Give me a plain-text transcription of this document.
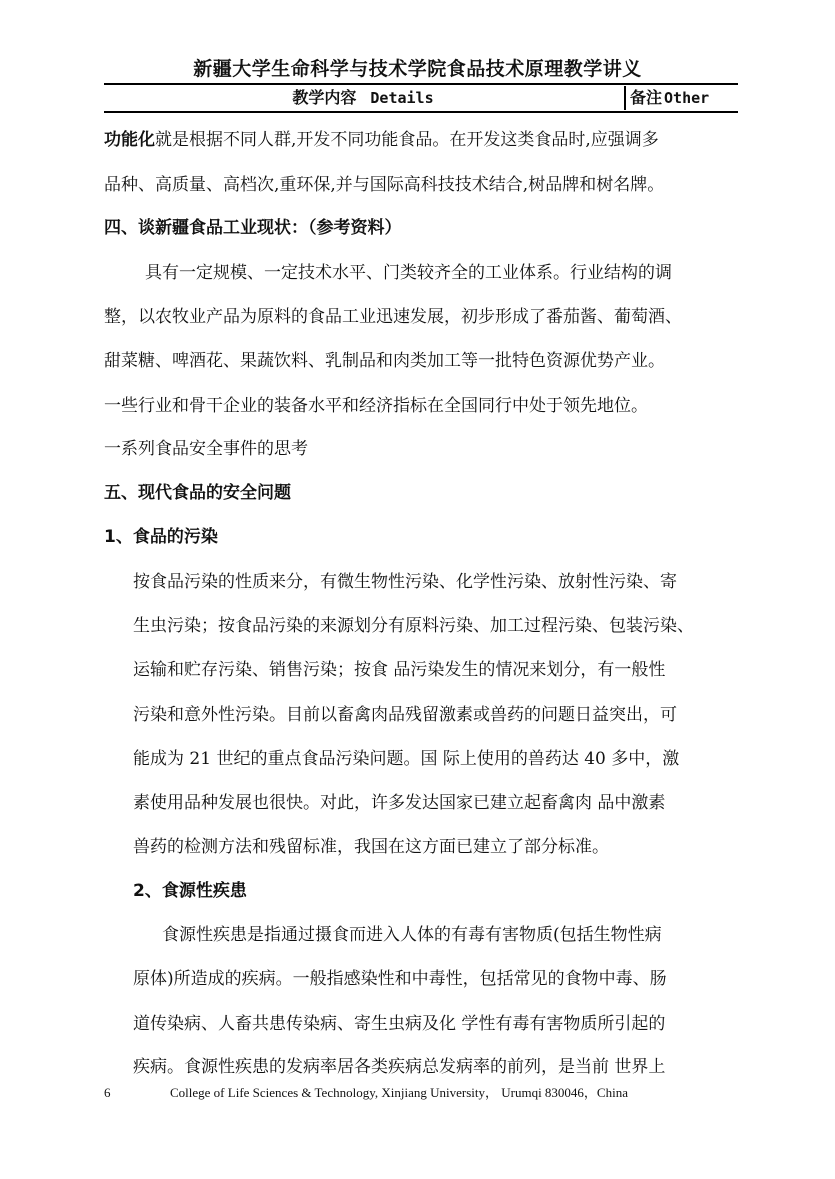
新疆大学生命科学与技术学院食品技术原理教学讲义
教学内容 Details	备注 Other
功能化就是根据不同人群,开发不同功能食品。在开发这类食品时,应强调多
品种、高质量、高档次,重环保,并与国际高科技技术结合,树品牌和树名牌。
四、谈新疆食品工业现状：（参考资料）
具有一定规模、一定技术水平、门类较齐全的工业体系。行业结构的调
整，以农牧业产品为原料的食品工业迅速发展，初步形成了番茄酱、葡萄酒、
甜菜糖、啤酒花、果蔬饮料、乳制品和肉类加工等一批特色资源优势产业。
一些行业和骨干企业的装备水平和经济指标在全国同行中处于领先地位。
一系列食品安全事件的思考
五、现代食品的安全问题
1、食品的污染
按食品污染的性质来分，有微生物性污染、化学性污染、放射性污染、寄
生虫污染；按食品污染的来源划分有原料污染、加工过程污染、包装污染、
运输和贮存污染、销售污染；按食 品污染发生的情况来划分，有一般性
污染和意外性污染。目前以畜禽肉品残留激素或兽药的问题日益突出，可
能成为 21 世纪的重点食品污染问题。国 际上使用的兽药达 40 多中，激
素使用品种发展也很快。对此，许多发达国家已建立起畜禽肉 品中激素
兽药的检测方法和残留标准，我国在这方面已建立了部分标准。
2、食源性疾患
食源性疾患是指通过摄食而进入人体的有毒有害物质(包括生物性病
原体)所造成的疾病。一般指感染性和中毒性，包括常见的食物中毒、肠
道传染病、人畜共患传染病、寄生虫病及化 学性有毒有害物质所引起的
疾病。食源性疾患的发病率居各类疾病总发病率的前列，是当前 世界上
6	College of Life Sciences & Technology, Xinjiang University， Urumqi 830046，China
